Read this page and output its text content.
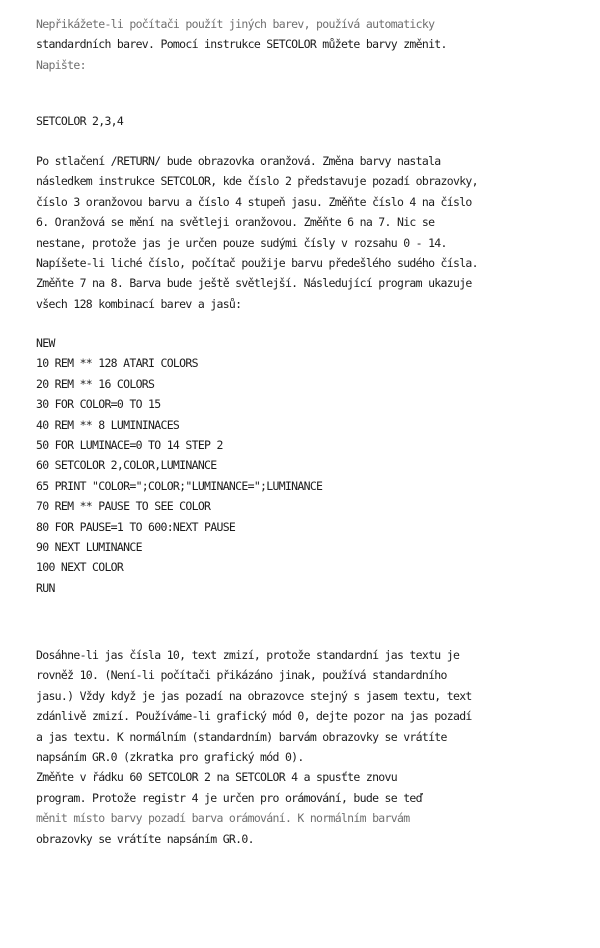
Nepřikážete-li počítači použít jiných barev, používá automaticky
standardních barev. Pomocí instrukce SETCOLOR můžete barvy změnit.
Napište:
SETCOLOR 2,3,4
Po stlačení /RETURN/ bude obrazovka oranžová. Změna barvy nastala
následkem instrukce SETCOLOR, kde číslo 2 představuje pozadí obrazovky,
číslo 3 oranžovou barvu a číslo 4 stupeň jasu. Změňte číslo 4 na číslo
6. Oranžová se mění na světleji oranžovou. Změňte 6 na 7. Nic se
nestane, protože jas je určen pouze sudými čísly v rozsahu 0 - 14.
Napíšete-li liché číslo, počítač použije barvu předešlého sudého čísla.
Změňte 7 na 8. Barva bude ještě světlejší. Následující program ukazuje
všech 128 kombinací barev a jasů:
NEW
10 REM ** 128 ATARI COLORS
20 REM ** 16 COLORS
30 FOR COLOR=0 TO 15
40 REM ** 8 LUMININACES
50 FOR LUMINACE=0 TO 14 STEP 2
60 SETCOLOR 2,COLOR,LUMINANCE
65 PRINT "COLOR=";COLOR;"LUMINANCE=";LUMINANCE
70 REM ** PAUSE TO SEE COLOR
80 FOR PAUSE=1 TO 600:NEXT PAUSE
90 NEXT LUMINANCE
100 NEXT COLOR
RUN
Dosáhne-li jas čísla 10, text zmizí, protože standardní jas textu je
rovněž 10. (Není-li počítači přikázáno jinak, používá standardního
jasu.) Vždy když je jas pozadí na obrazovce stejný s jasem textu, text
zdánlivě zmizí. Používáme-li grafický mód 0, dejte pozor na jas pozadí
a jas textu. K normálním (standardním) barvám obrazovky se vrátíte
napsáním GR.0 (zkratka pro grafický mód 0).
Změňte v řádku 60 SETCOLOR 2 na SETCOLOR 4 a spusťte znovu
program. Protože registr 4 je určen pro orámování, bude se teď
měnit místo barvy pozadí barva orámování. K normálním barvám
obrazovky se vrátíte napsáním GR.0.
